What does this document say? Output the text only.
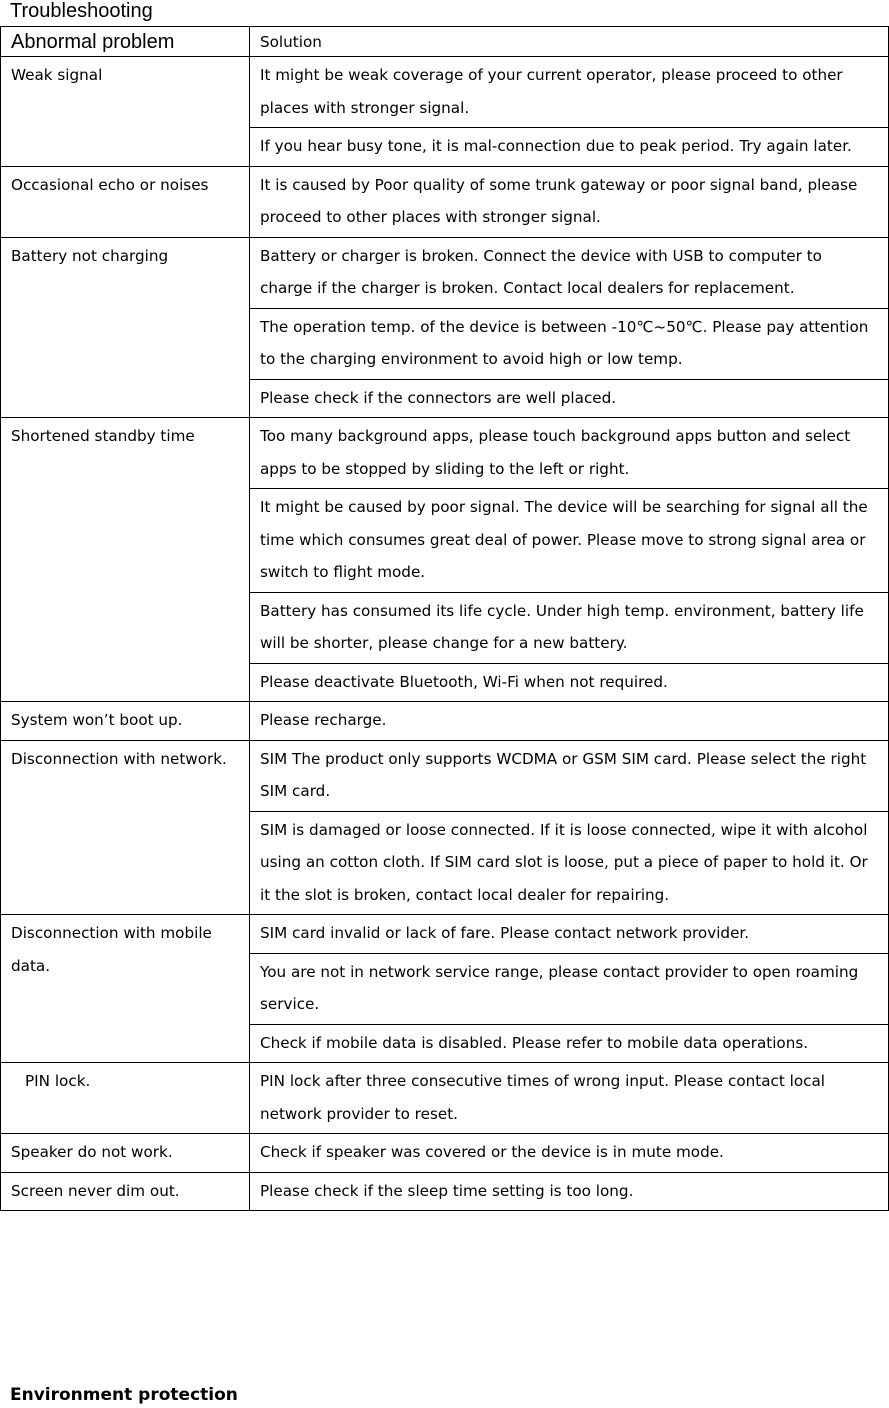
Troubleshooting
Abnormal problem	Solution
Weak signal	It might be weak coverage of your current operator, please proceed to other places with stronger signal.
	If you hear busy tone, it is mal-connection due to peak period. Try again later.
Occasional echo or noises	It is caused by Poor quality of some trunk gateway or poor signal band, please proceed to other places with stronger signal.
Battery not charging	Battery or charger is broken. Connect the device with USB to computer to charge if the charger is broken. Contact local dealers for replacement.
	The operation temp. of the device is between -10℃~50℃. Please pay attention to the charging environment to avoid high or low temp.
	Please check if the connectors are well placed.
Shortened standby time	Too many background apps, please touch background apps button and select apps to be stopped by sliding to the left or right.
	It might be caused by poor signal. The device will be searching for signal all the time which consumes great deal of power. Please move to strong signal area or switch to flight mode.
	Battery has consumed its life cycle. Under high temp. environment, battery life will be shorter, please change for a new battery.
	Please deactivate Bluetooth, Wi-Fi when not required.
System won’t boot up.	Please recharge.
Disconnection with network.	SIM The product only supports WCDMA or GSM SIM card. Please select the right SIM card.
	SIM is damaged or loose connected. If it is loose connected, wipe it with alcohol using an cotton cloth. If SIM card slot is loose, put a piece of paper to hold it. Or it the slot is broken, contact local dealer for repairing.
Disconnection with mobile data.	SIM card invalid or lack of fare. Please contact network provider.
	You are not in network service range, please contact provider to open roaming service.
	Check if mobile data is disabled. Please refer to mobile data operations.
PIN lock.	PIN lock after three consecutive times of wrong input. Please contact local network provider to reset.
Speaker do not work.	Check if speaker was covered or the device is in mute mode.
Screen never dim out.	Please check if the sleep time setting is too long.
Environment protection
